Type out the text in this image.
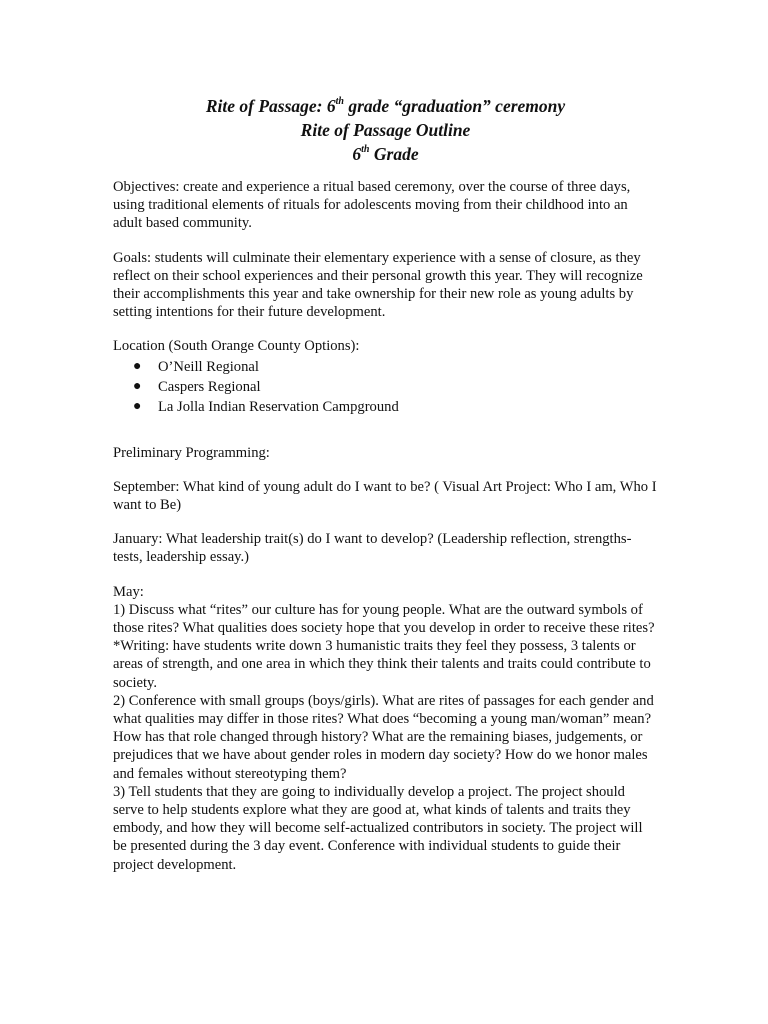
Rite of Passage: 6th grade “graduation” ceremony
Rite of Passage Outline
6th Grade

Objectives: create and experience a ritual based ceremony, over the course of three days, using traditional elements of rituals for adolescents moving from their childhood into an adult based community.

Goals: students will culminate their elementary experience with a sense of closure, as they reflect on their school experiences and their personal growth this year. They will recognize their accomplishments this year and take ownership for their new role as young adults by setting intentions for their future development.

Location (South Orange County Options):

● O’Neill Regional
● Caspers Regional
● La Jolla Indian Reservation Campground

Preliminary Programming:

September: What kind of young adult do I want to be? ( Visual Art Project: Who I am, Who I want to Be)

January: What leadership trait(s) do I want to develop? (Leadership reflection, strengths-tests, leadership essay.)

May:

1) Discuss what “rites” our culture has for young people. What are the outward symbols of those rites? What qualities does society hope that you develop in order to receive these rites?

*Writing: have students write down 3 humanistic traits they feel they possess, 3 talents or areas of strength, and one area in which they think their talents and traits could contribute to society.

2) Conference with small groups (boys/girls). What are rites of passages for each gender and what qualities may differ in those rites? What does “becoming a young man/woman” mean? How has that role changed through history? What are the remaining biases, judgements, or prejudices that we have about gender roles in modern day society? How do we honor males and females without stereotyping them?

3) Tell students that they are going to individually develop a project. The project should serve to help students explore what they are good at, what kinds of talents and traits they embody, and how they will become self-actualized contributors in society. The project will be presented during the 3 day event. Conference with individual students to guide their project development.
